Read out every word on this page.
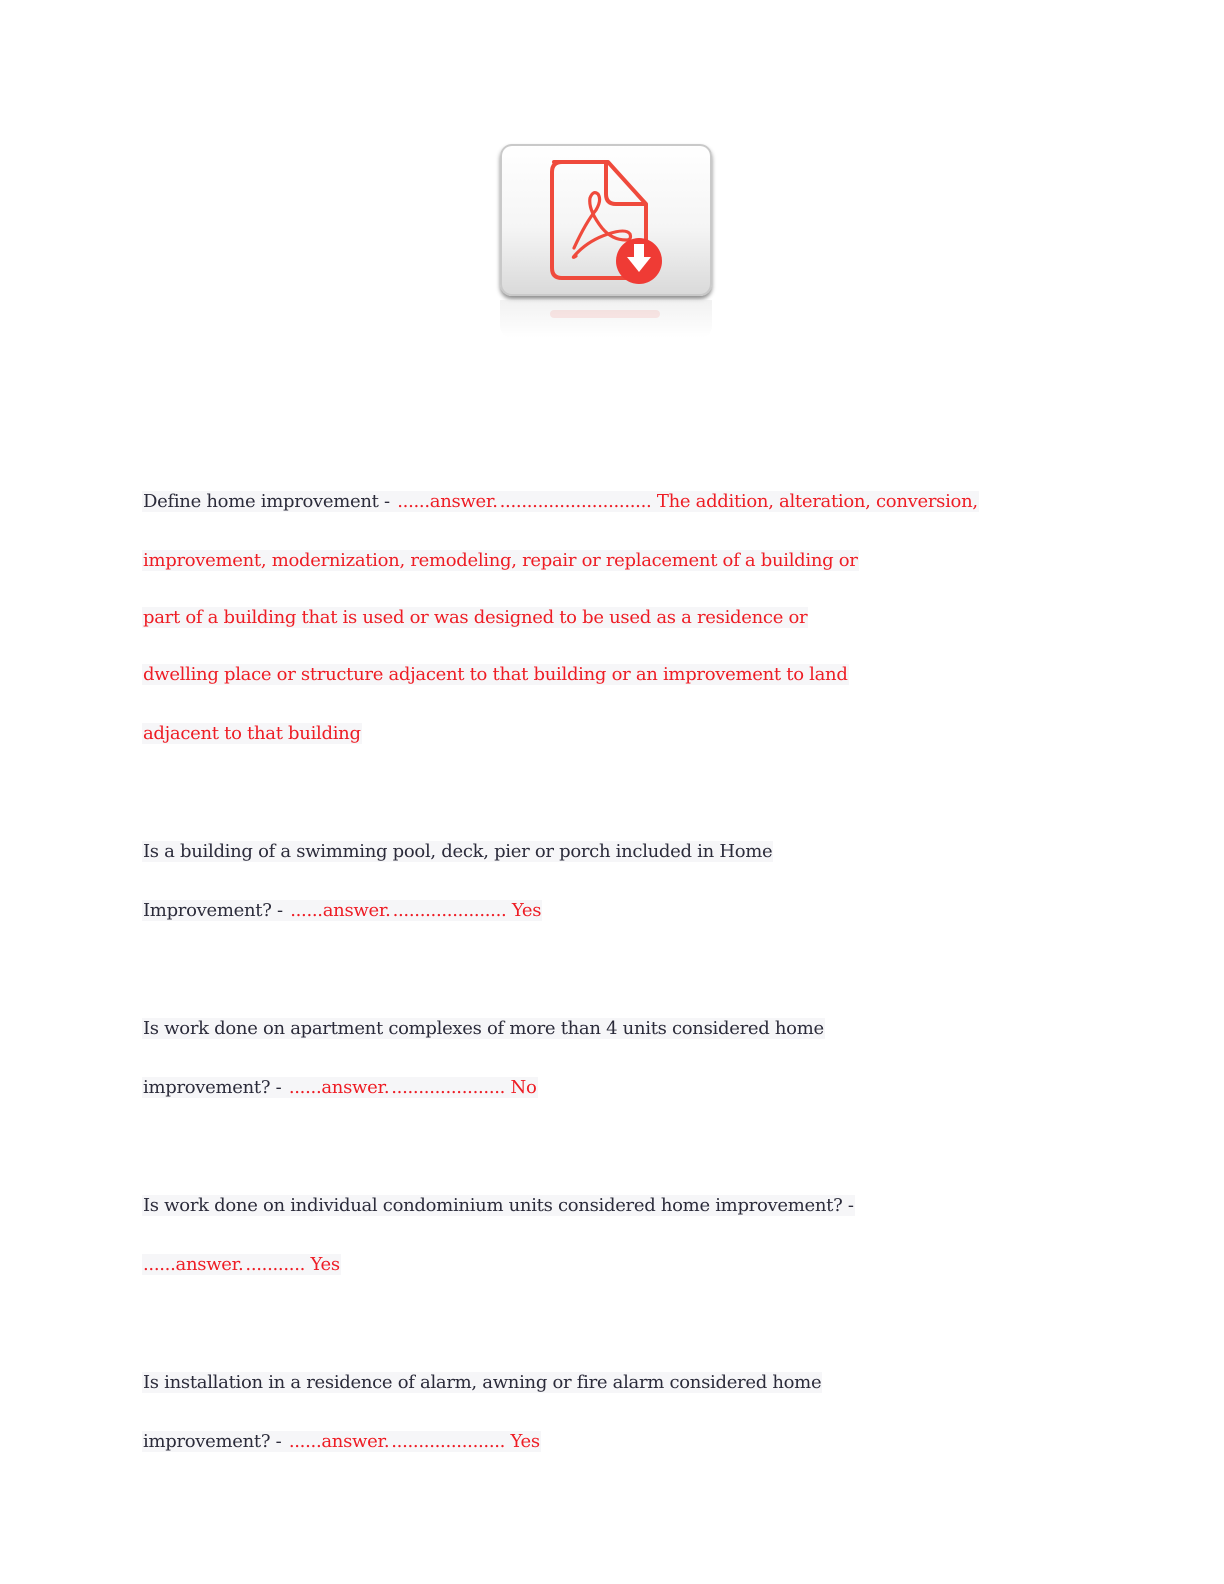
Define home improvement - ......answer. ............................ The addition, alteration, conversion,
improvement, modernization, remodeling, repair or replacement of a building or
part of a building that is used or was designed to be used as a residence or
dwelling place or structure adjacent to that building or an improvement to land
adjacent to that building
Is a building of a swimming pool, deck, pier or porch included in Home
Improvement? - ......answer. ..................... Yes
Is work done on apartment complexes of more than 4 units considered home
improvement? - ......answer. ..................... No
Is work done on individual condominium units considered home improvement? -
......answer. ........... Yes
Is installation in a residence of alarm, awning or fire alarm considered home
improvement? - ......answer. ..................... Yes
